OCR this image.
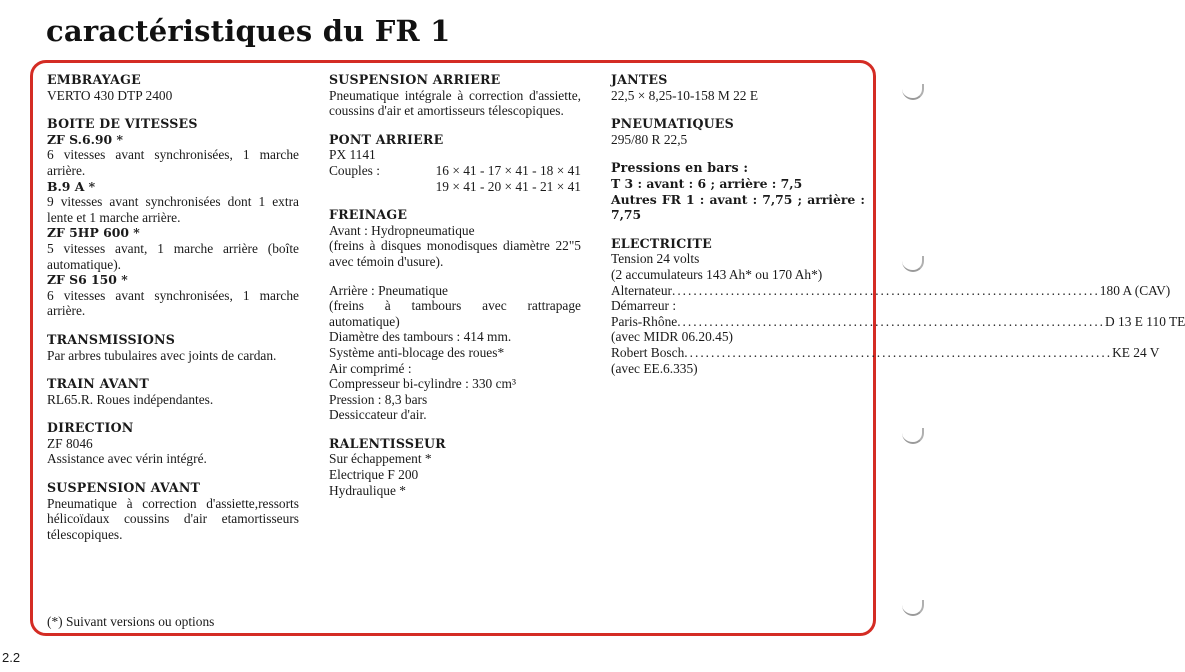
caractéristiques du FR 1
EMBRAYAGE
VERTO 430 DTP 2400
BOITE DE VITESSES
ZF S.6.90 *
6 vitesses avant synchronisées, 1 marche arrière.
B.9 A *
9 vitesses avant synchronisées dont 1 extra lente et 1 marche arrière.
ZF 5HP 600 *
5 vitesses avant, 1 marche arrière (boîte automatique).
ZF S6 150 *
6 vitesses avant synchronisées, 1 marche arrière.
TRANSMISSIONS
Par arbres tubulaires avec joints de cardan.
TRAIN AVANT
RL65.R. Roues indépendantes.
DIRECTION
ZF 8046
Assistance avec vérin intégré.
SUSPENSION AVANT
Pneumatique à correction d'assiette,ressorts hélicoïdaux coussins d'air etamortisseurs télescopiques.
SUSPENSION ARRIERE
Pneumatique intégrale à correction d'assiette, coussins d'air et amortisseurs télescopiques.
PONT ARRIERE
PX 1141
Couples :	16 × 41 - 17 × 41 - 18 × 41
19 × 41 - 20 × 41 - 21 × 41
FREINAGE
Avant : Hydropneumatique
(freins à disques monodisques diamètre 22"5 avec témoin d'usure).
Arrière : Pneumatique
(freins à tambours avec rattrapage automatique)
Diamètre des tambours : 414 mm.
Système anti-blocage des roues*
Air comprimé :
Compresseur bi-cylindre : 330 cm³
Pression : 8,3 bars
Dessiccateur d'air.
RALENTISSEUR
Sur échappement *
Electrique F 200
Hydraulique *
JANTES
22,5 × 8,25-10-158 M 22 E
PNEUMATIQUES
295/80 R 22,5
Pressions en bars :
T 3 : avant : 6 ; arrière : 7,5
Autres FR 1 : avant : 7,75 ; arrière : 7,75
ELECTRICITE
Tension 24 volts
(2 accumulateurs 143 Ah* ou 170 Ah*)
Alternateur ................................................................................ 180 A (CAV)
Démarreur :
Paris-Rhône ................................................................................ D 13 E 110 TE
(avec MIDR 06.20.45)
Robert Bosch ................................................................................ KE 24 V
(avec EE.6.335)
(*) Suivant versions ou options
2.2
